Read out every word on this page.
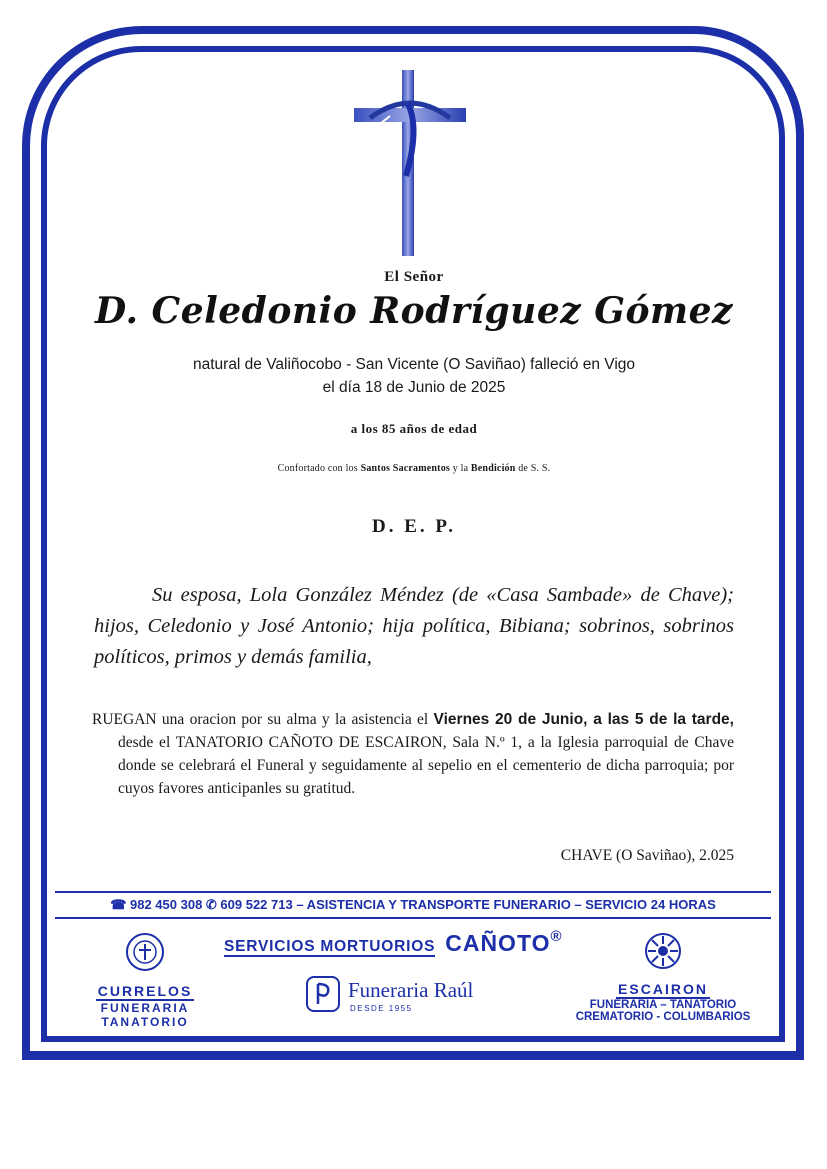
El Señor
D. Celedonio Rodríguez Gómez
natural de Valiñocobo - San Vicente (O Saviñao) falleció en Vigo
el día 18 de Junio de 2025
a los 85 años de edad
Confortado con los Santos Sacramentos y la Bendición de S. S.
D. E. P.
Su esposa, Lola González Méndez (de «Casa Sambade» de Chave); hijos, Celedonio y José Antonio; hija política, Bibiana; sobrinos, sobrinos políticos, primos y demás familia,
RUEGAN una oracion por su alma y la asistencia el Viernes 20 de Junio, a las 5 de la tarde, desde el TANATORIO CAÑOTO DE ESCAIRON, Sala N.º 1, a la Iglesia parroquial de Chave donde se celebrará el Funeral y seguidamente al sepelio en el cementerio de dicha parroquia; por cuyos favores anticipanles su gratitud.
CHAVE (O Saviñao), 2.025
☎ 982 450 308 ✆ 609 522 713 – ASISTENCIA Y TRANSPORTE FUNERARIO – SERVICIO 24 HORAS
SERVICIOS MORTUORIOS CAÑOTO®

CURRELOS
FUNERARIA
TANATORIO
Funeraria Raúl
DESDE 1955

ESCAIRON
FUNERARIA – TANATORIO
CREMATORIO - COLUMBARIOS
